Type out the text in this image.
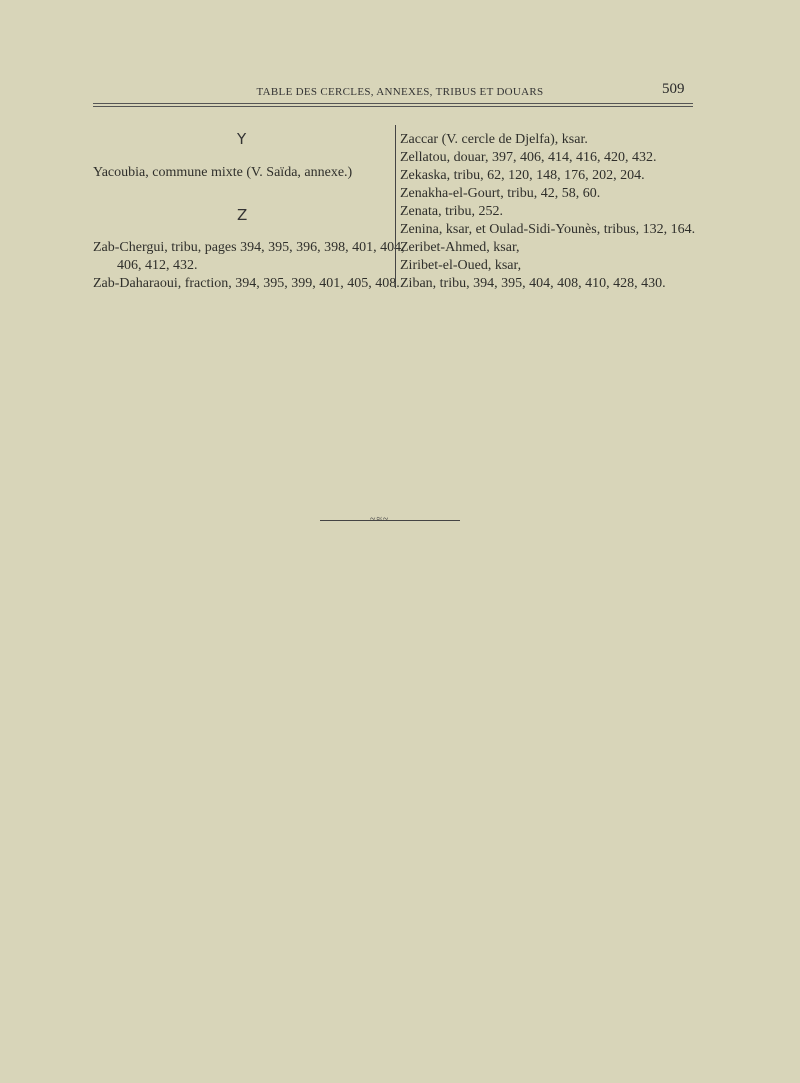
TABLE DES CERCLES, ANNEXES, TRIBUS ET DOUARS	509
Y
Yacoubia, commune mixte (V. Saïda, annexe.)
Z
Zab-Chergui, tribu, pages 394, 395, 396, 398, 401, 404,
406, 412, 432.
Zab-Daharaoui, fraction, 394, 395, 399, 401, 405, 408.
Zaccar (V. cercle de Djelfa), ksar.
Zellatou, douar, 397, 406, 414, 416, 420, 432.
Zekaska, tribu, 62, 120, 148, 176, 202, 204.
Zenakha-el-Gourt, tribu, 42, 58, 60.
Zenata, tribu, 252.
Zenina, ksar, et Oulad-Sidi-Younès, tribus, 132, 164.
Zeribet-Ahmed, ksar,
Ziribet-el-Oued, ksar,
Ziban, tribu, 394, 395, 404, 408, 410, 428, 430.
~≈~
